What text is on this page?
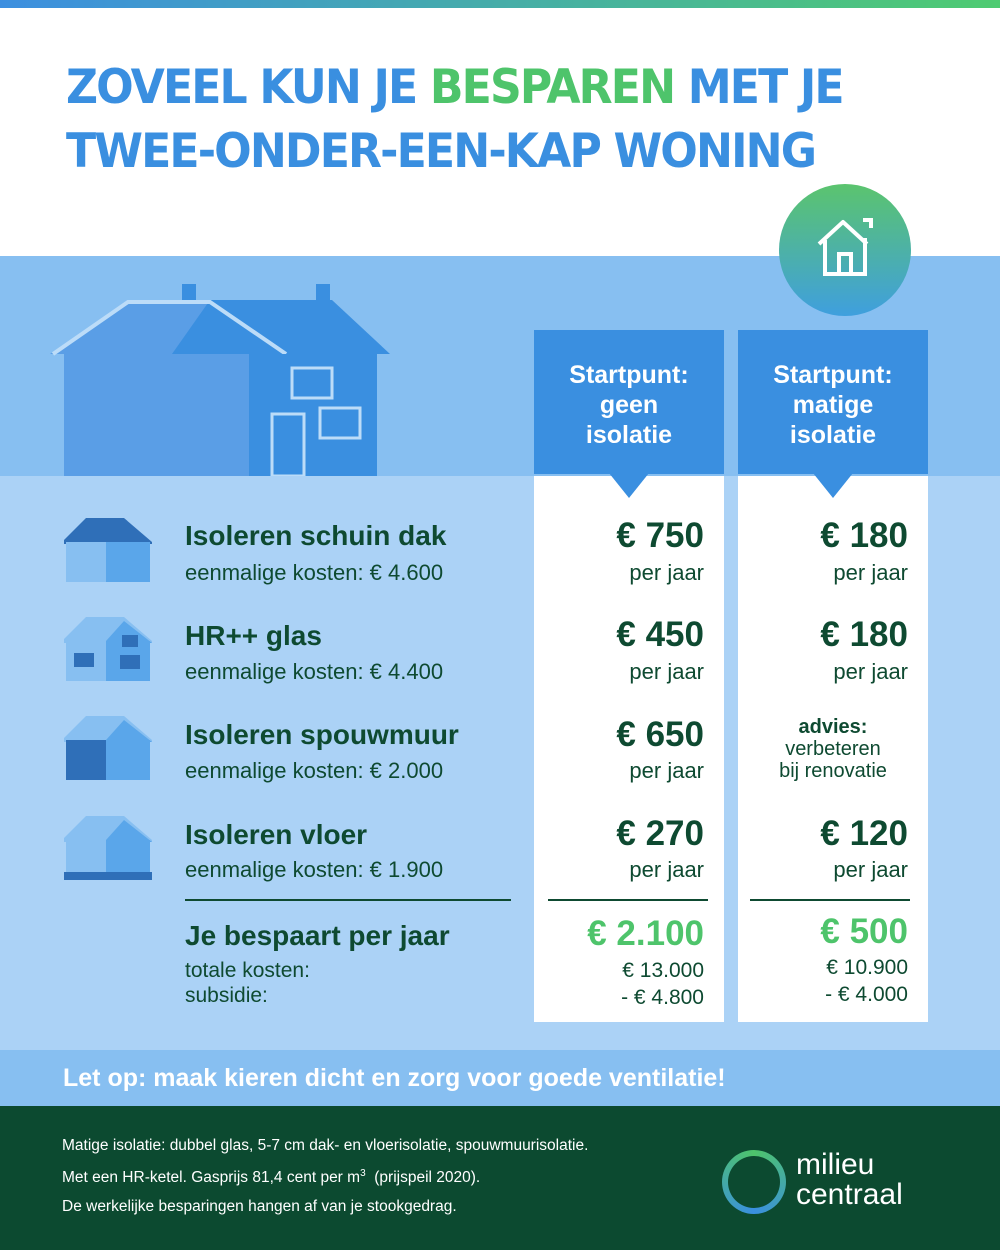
ZOVEEL KUN JE BESPAREN MET JE
TWEE-ONDER-EEN-KAP WONING
Startpunt:
geen
isolatie
Startpunt:
matige
isolatie
Isoleren schuin dak
eenmalige kosten: € 4.600
HR++ glas
eenmalige kosten: € 4.400
Isoleren spouwmuur
eenmalige kosten: € 2.000
Isoleren vloer
eenmalige kosten: € 1.900
€ 750
per jaar
€ 450
per jaar
€ 650
per jaar
€ 270
per jaar
€ 180
per jaar
€ 180
per jaar
advies:
verbeteren
bij renovatie
€ 120
per jaar
Je bespaart per jaar
totale kosten:
subsidie:
€ 2.100
€ 13.000
- € 4.800
€ 500
€ 10.900
- € 4.000
Let op: maak kieren dicht en zorg voor goede ventilatie!
Matige isolatie: dubbel glas, 5-7 cm dak- en vloerisolatie, spouwmuurisolatie.
Met een HR-ketel. Gasprijs 81,4 cent per $m^3$  (prijspeil 2020).
De werkelijke besparingen hangen af van je stookgedrag.
milieu
centraal
